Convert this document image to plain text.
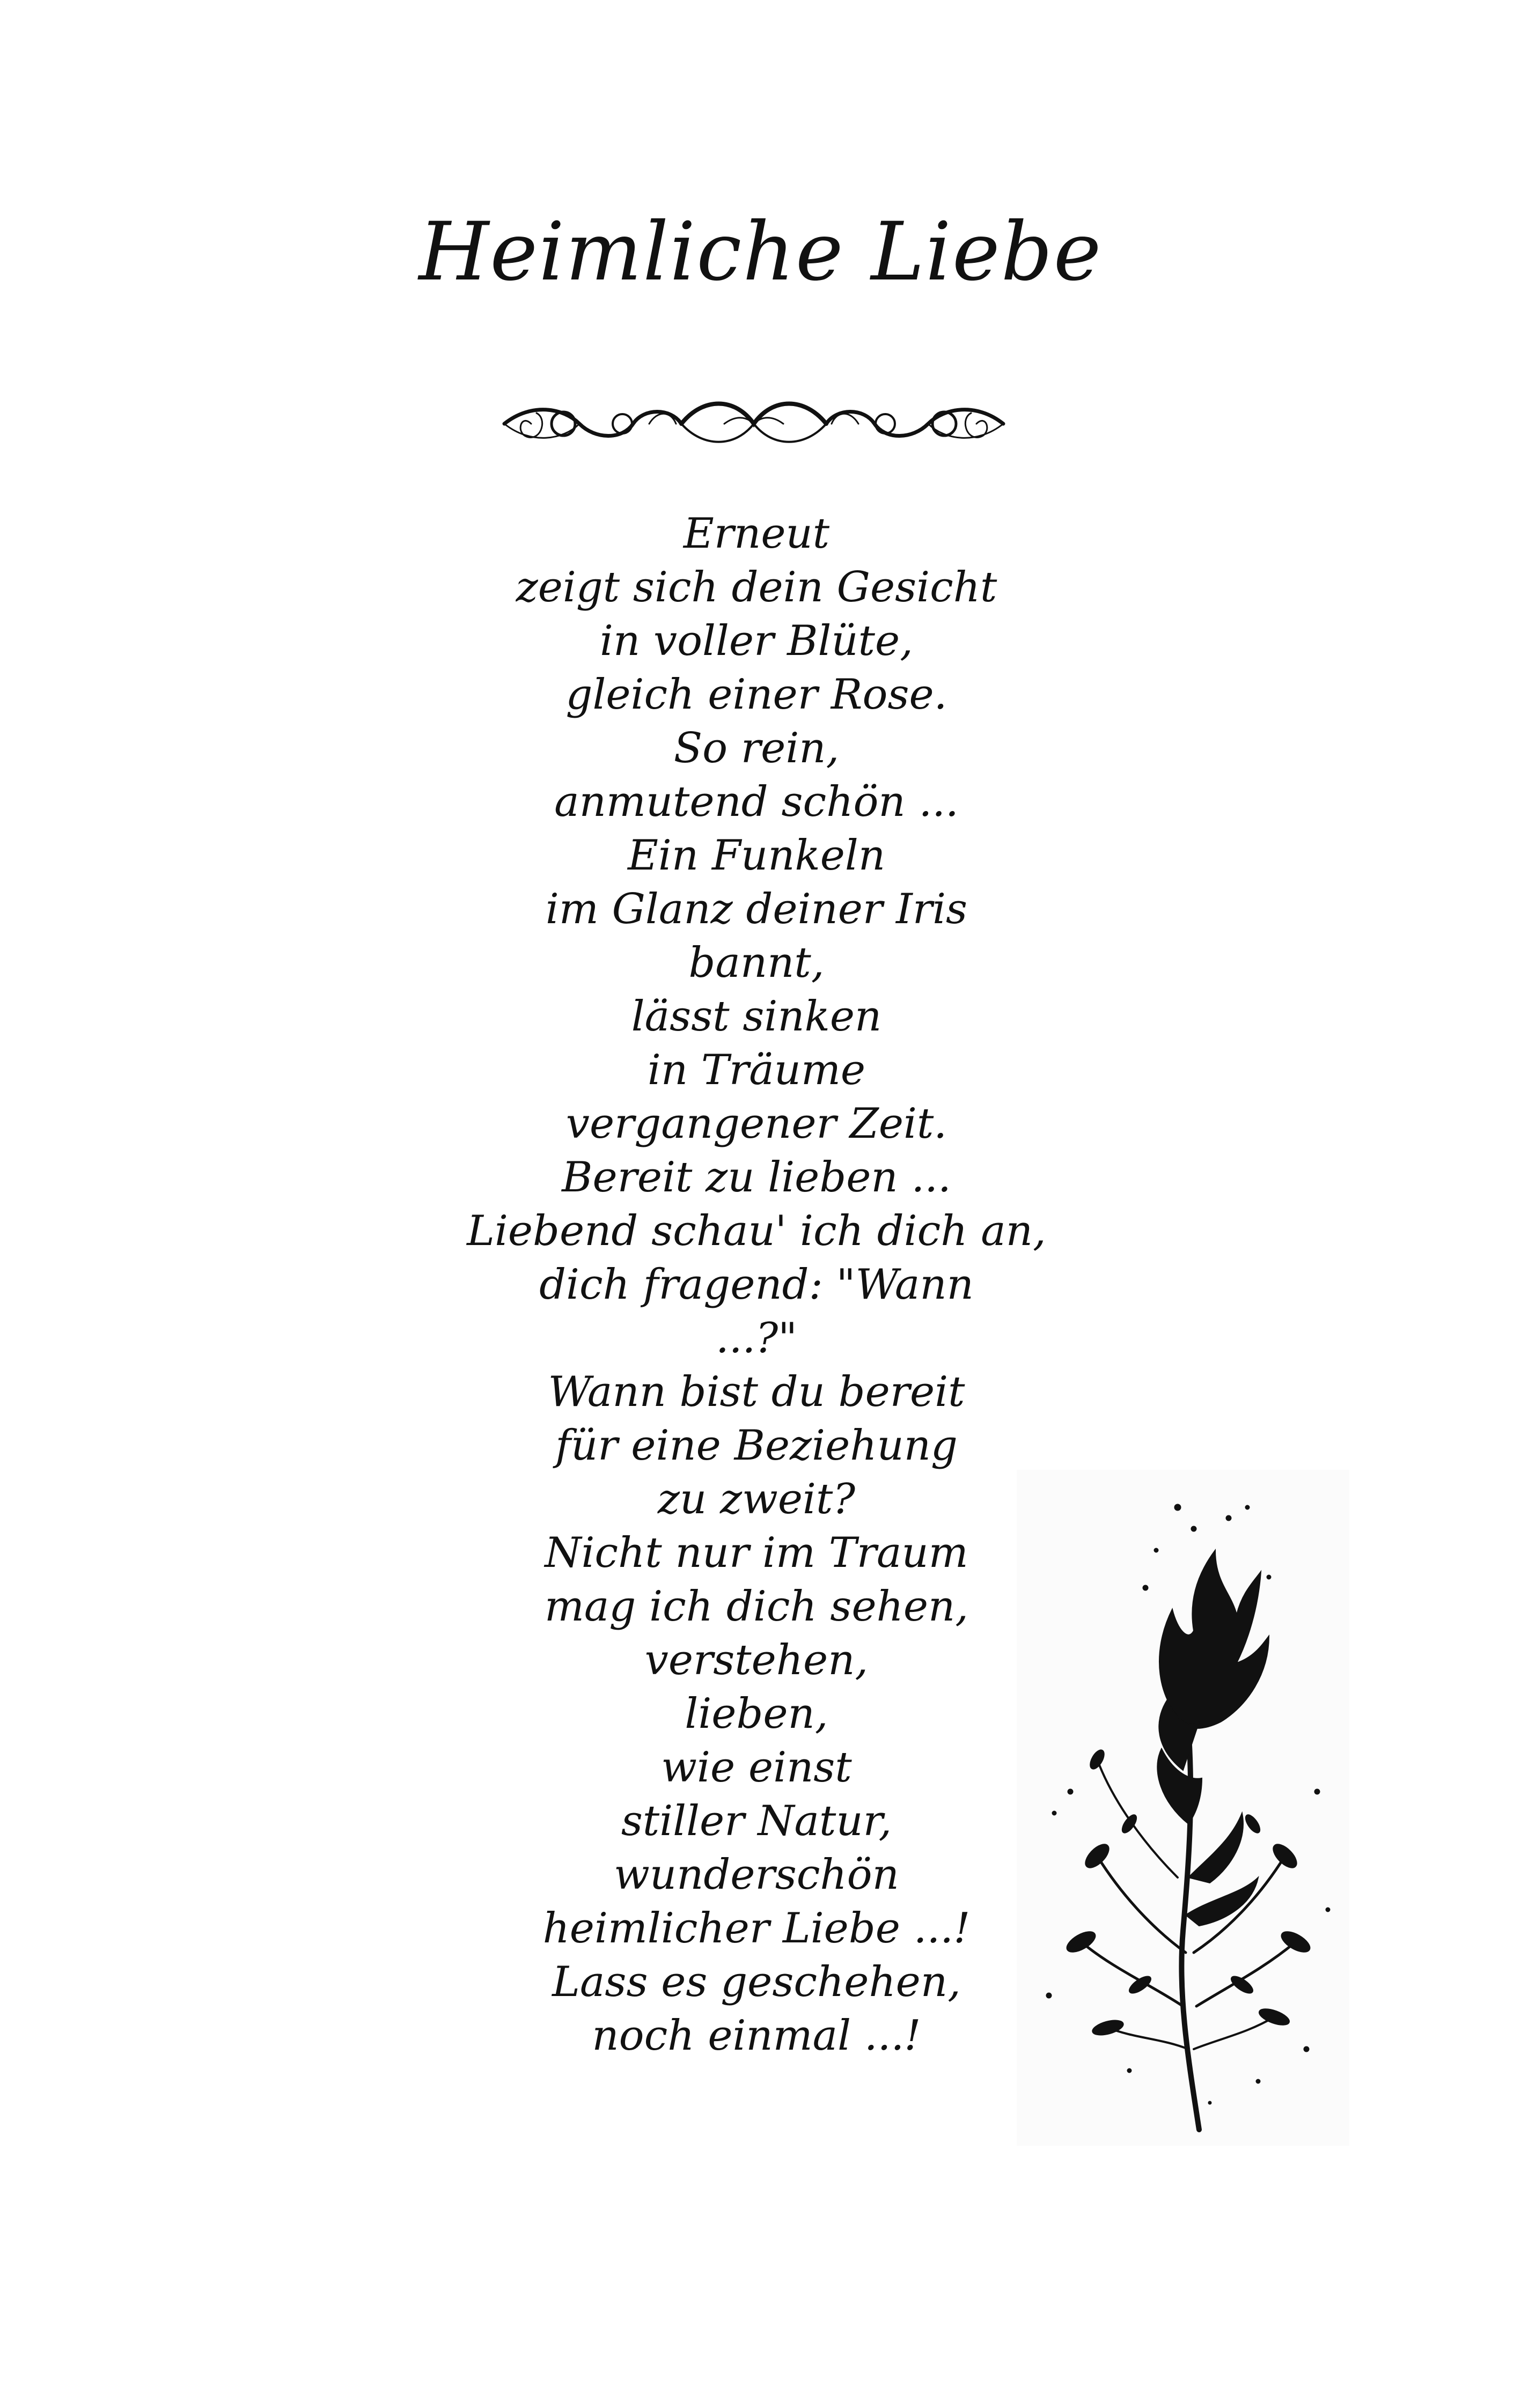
Heimliche Liebe
Erneut
zeigt sich dein Gesicht
in voller Blüte,
gleich einer Rose.
So rein,
anmutend schön ...
Ein Funkeln
im Glanz deiner Iris
bannt,
lässt sinken
in Träume
vergangener Zeit.
Bereit zu lieben ...
Liebend schau' ich dich an,
dich fragend: "Wann
...?"
Wann bist du bereit
für eine Beziehung
zu zweit?
Nicht nur im Traum
mag ich dich sehen,
verstehen,
lieben,
wie einst
stiller Natur,
wunderschön
heimlicher Liebe ...!
Lass es geschehen,
noch einmal ...!
